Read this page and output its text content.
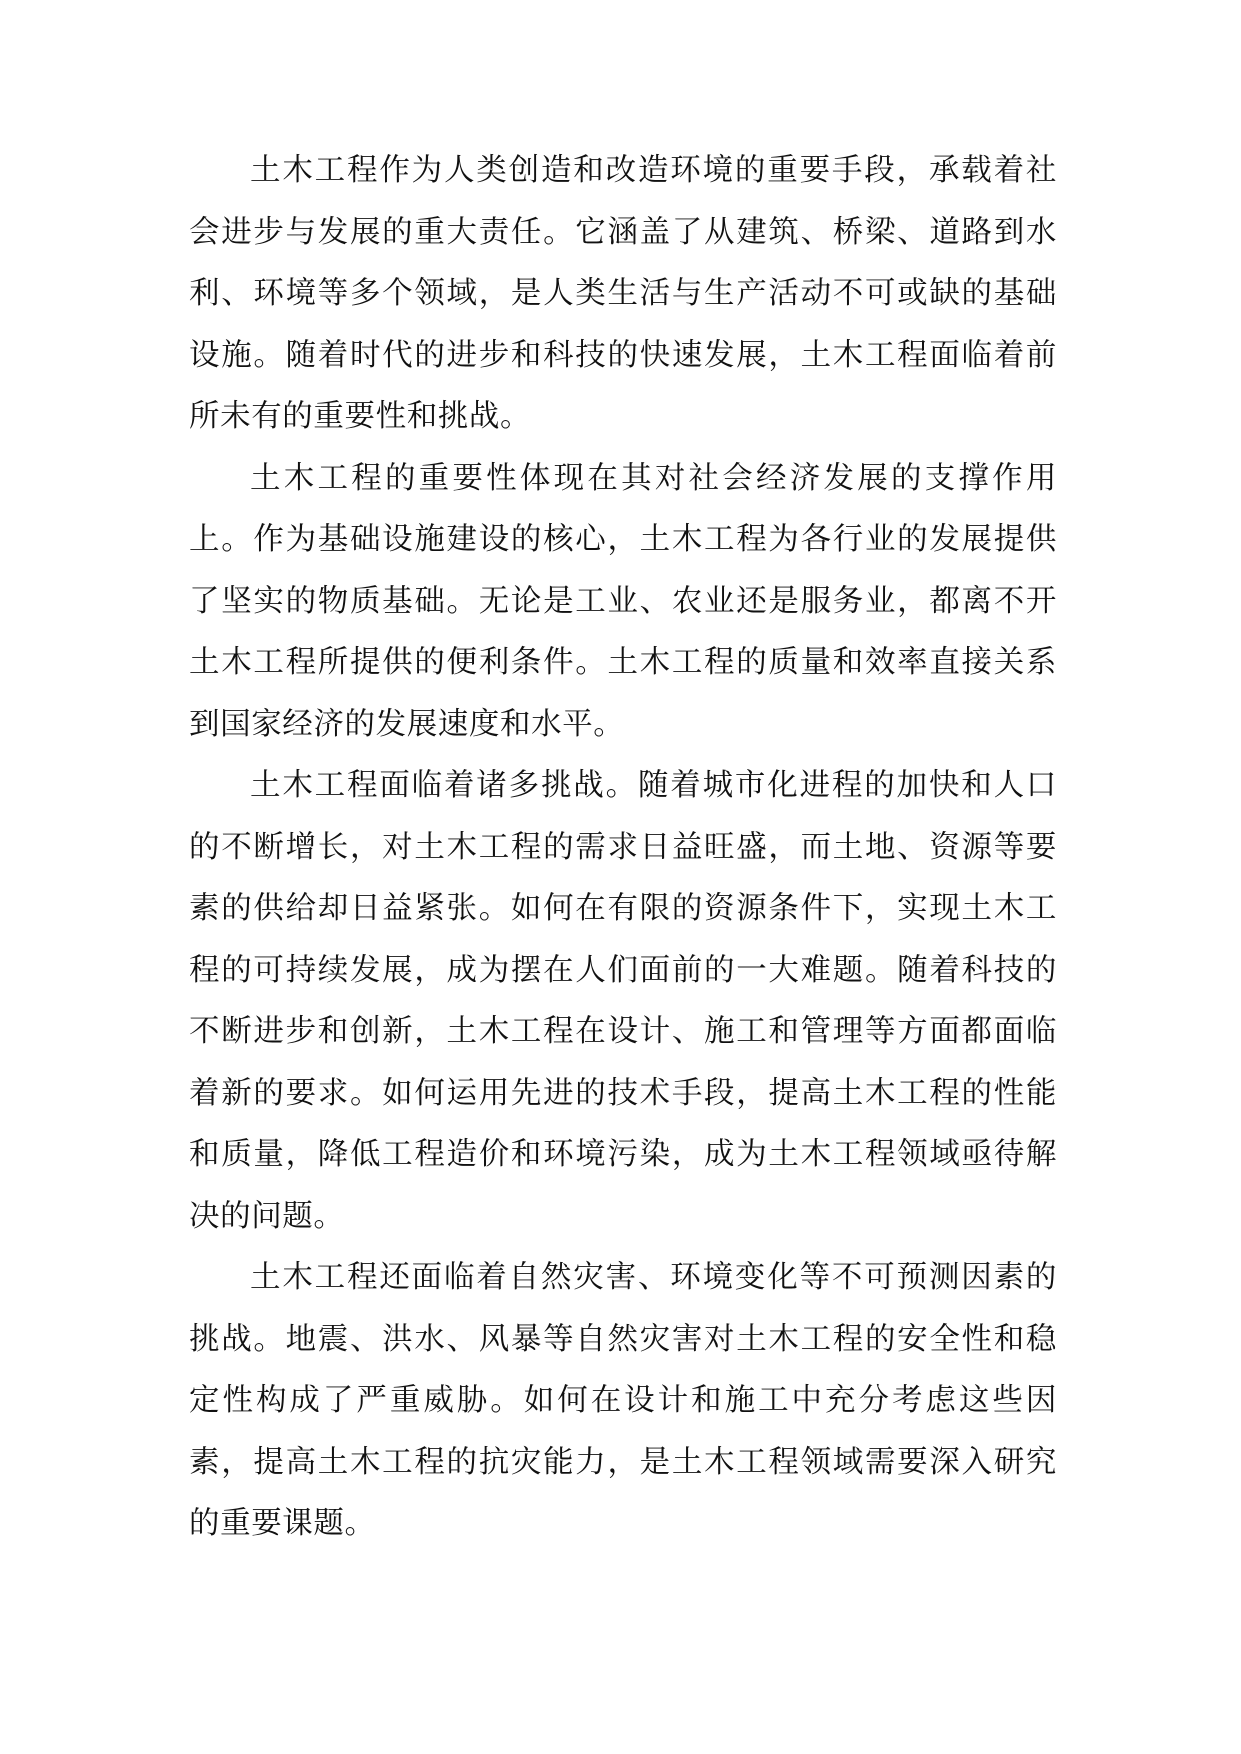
土木工程作为人类创造和改造环境的重要手段，承载着社会进步与发展的重大责任。它涵盖了从建筑、桥梁、道路到水利、环境等多个领域，是人类生活与生产活动不可或缺的基础设施。随着时代的进步和科技的快速发展，土木工程面临着前所未有的重要性和挑战。

土木工程的重要性体现在其对社会经济发展的支撑作用上。作为基础设施建设的核心，土木工程为各行业的发展提供了坚实的物质基础。无论是工业、农业还是服务业，都离不开土木工程所提供的便利条件。土木工程的质量和效率直接关系到国家经济的发展速度和水平。

土木工程面临着诸多挑战。随着城市化进程的加快和人口的不断增长，对土木工程的需求日益旺盛，而土地、资源等要素的供给却日益紧张。如何在有限的资源条件下，实现土木工程的可持续发展，成为摆在人们面前的一大难题。随着科技的不断进步和创新，土木工程在设计、施工和管理等方面都面临着新的要求。如何运用先进的技术手段，提高土木工程的性能和质量，降低工程造价和环境污染，成为土木工程领域亟待解决的问题。

土木工程还面临着自然灾害、环境变化等不可预测因素的挑战。地震、洪水、风暴等自然灾害对土木工程的安全性和稳定性构成了严重威胁。如何在设计和施工中充分考虑这些因素，提高土木工程的抗灾能力，是土木工程领域需要深入研究的重要课题。
